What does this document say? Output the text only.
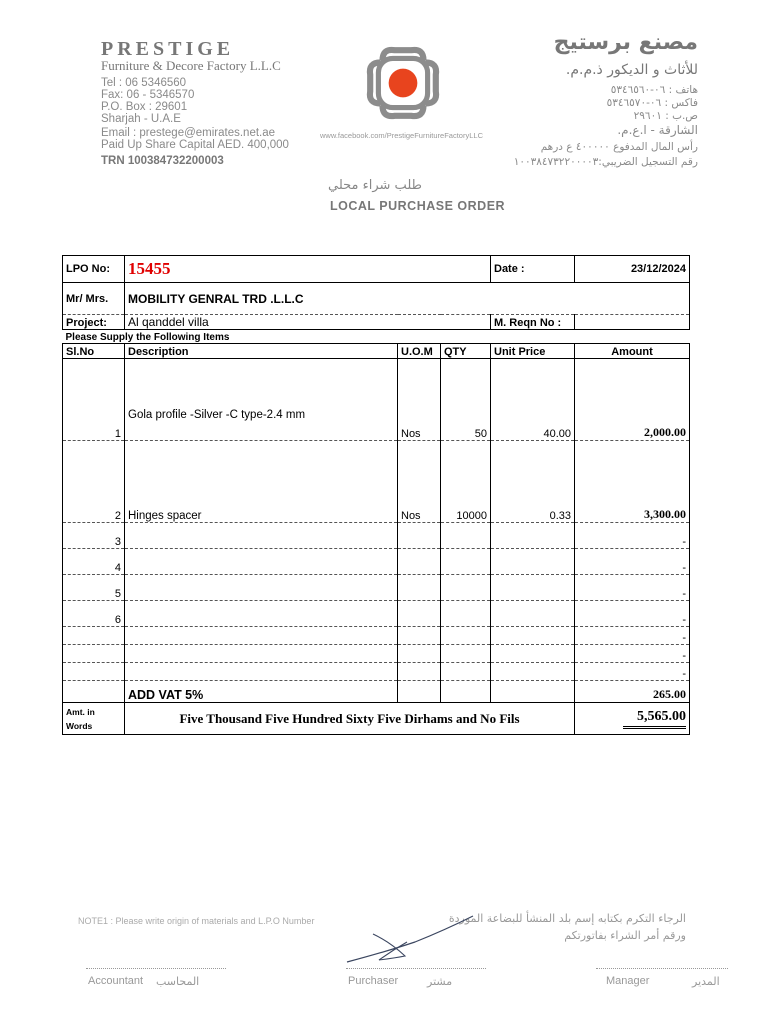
PRESTIGE
Furniture & Decore Factory L.L.C
Tel : 06 5346560
Fax: 06 - 5346570
P.O. Box : 29601
Sharjah - U.A.E
Email : prestege@emirates.net.ae
Paid Up Share Capital AED. 400,000
TRN 100384732200003
www.facebook.com/PrestigeFurnitureFactoryLLC
مصنع برستيج
للأثاث و الديكور ذ.م.م.
هاتف : ٠٦-٥٣٤٦٥٦٠
فاكس : ٠٦-٥٣٤٦٥٧٠
ص.ب : ٢٩٦٠١
الشارقة - ا.ع.م.
رأس المال المدفوع ٤٠٠٠٠٠ ع درهم
رقم التسجيل الضريبي:١٠٠٣٨٤٧٣٢٢٠٠٠٠٣
طلب شراء محلي
LOCAL PURCHASE ORDER
LPO No:	15455			Date :	23/12/2024
Mr/ Mrs.	MOBILITY GENRAL TRD .L.L.C				
Project:	Al qanddel villa			M. Reqn No :	
Please Supply the Following Items					
Sl.No	Description	U.O.M	QTY	Unit Price	Amount
1	Gola profile -Silver -C type-2.4 mm	Nos	50	40.00	2,000.00
2	Hinges spacer	Nos	10000	0.33	3,300.00
3					-
4					-
5					-
6					-
					-
					-
					-
	ADD VAT 5%				265.00

Amt. in
Words	Five Thousand Five Hundred Sixty Five Dirhams and No Fils				5,565.00
NOTE1 : Please write origin of materials and L.P.O Number	الرجاء التكرم بكتابه إسم بلد المنشأ للبضاعة الموردة
ورقم أمر الشراء بفاتورتكم
Accountant المحاسب	Purchaser	مشتر	Manager	المدير
